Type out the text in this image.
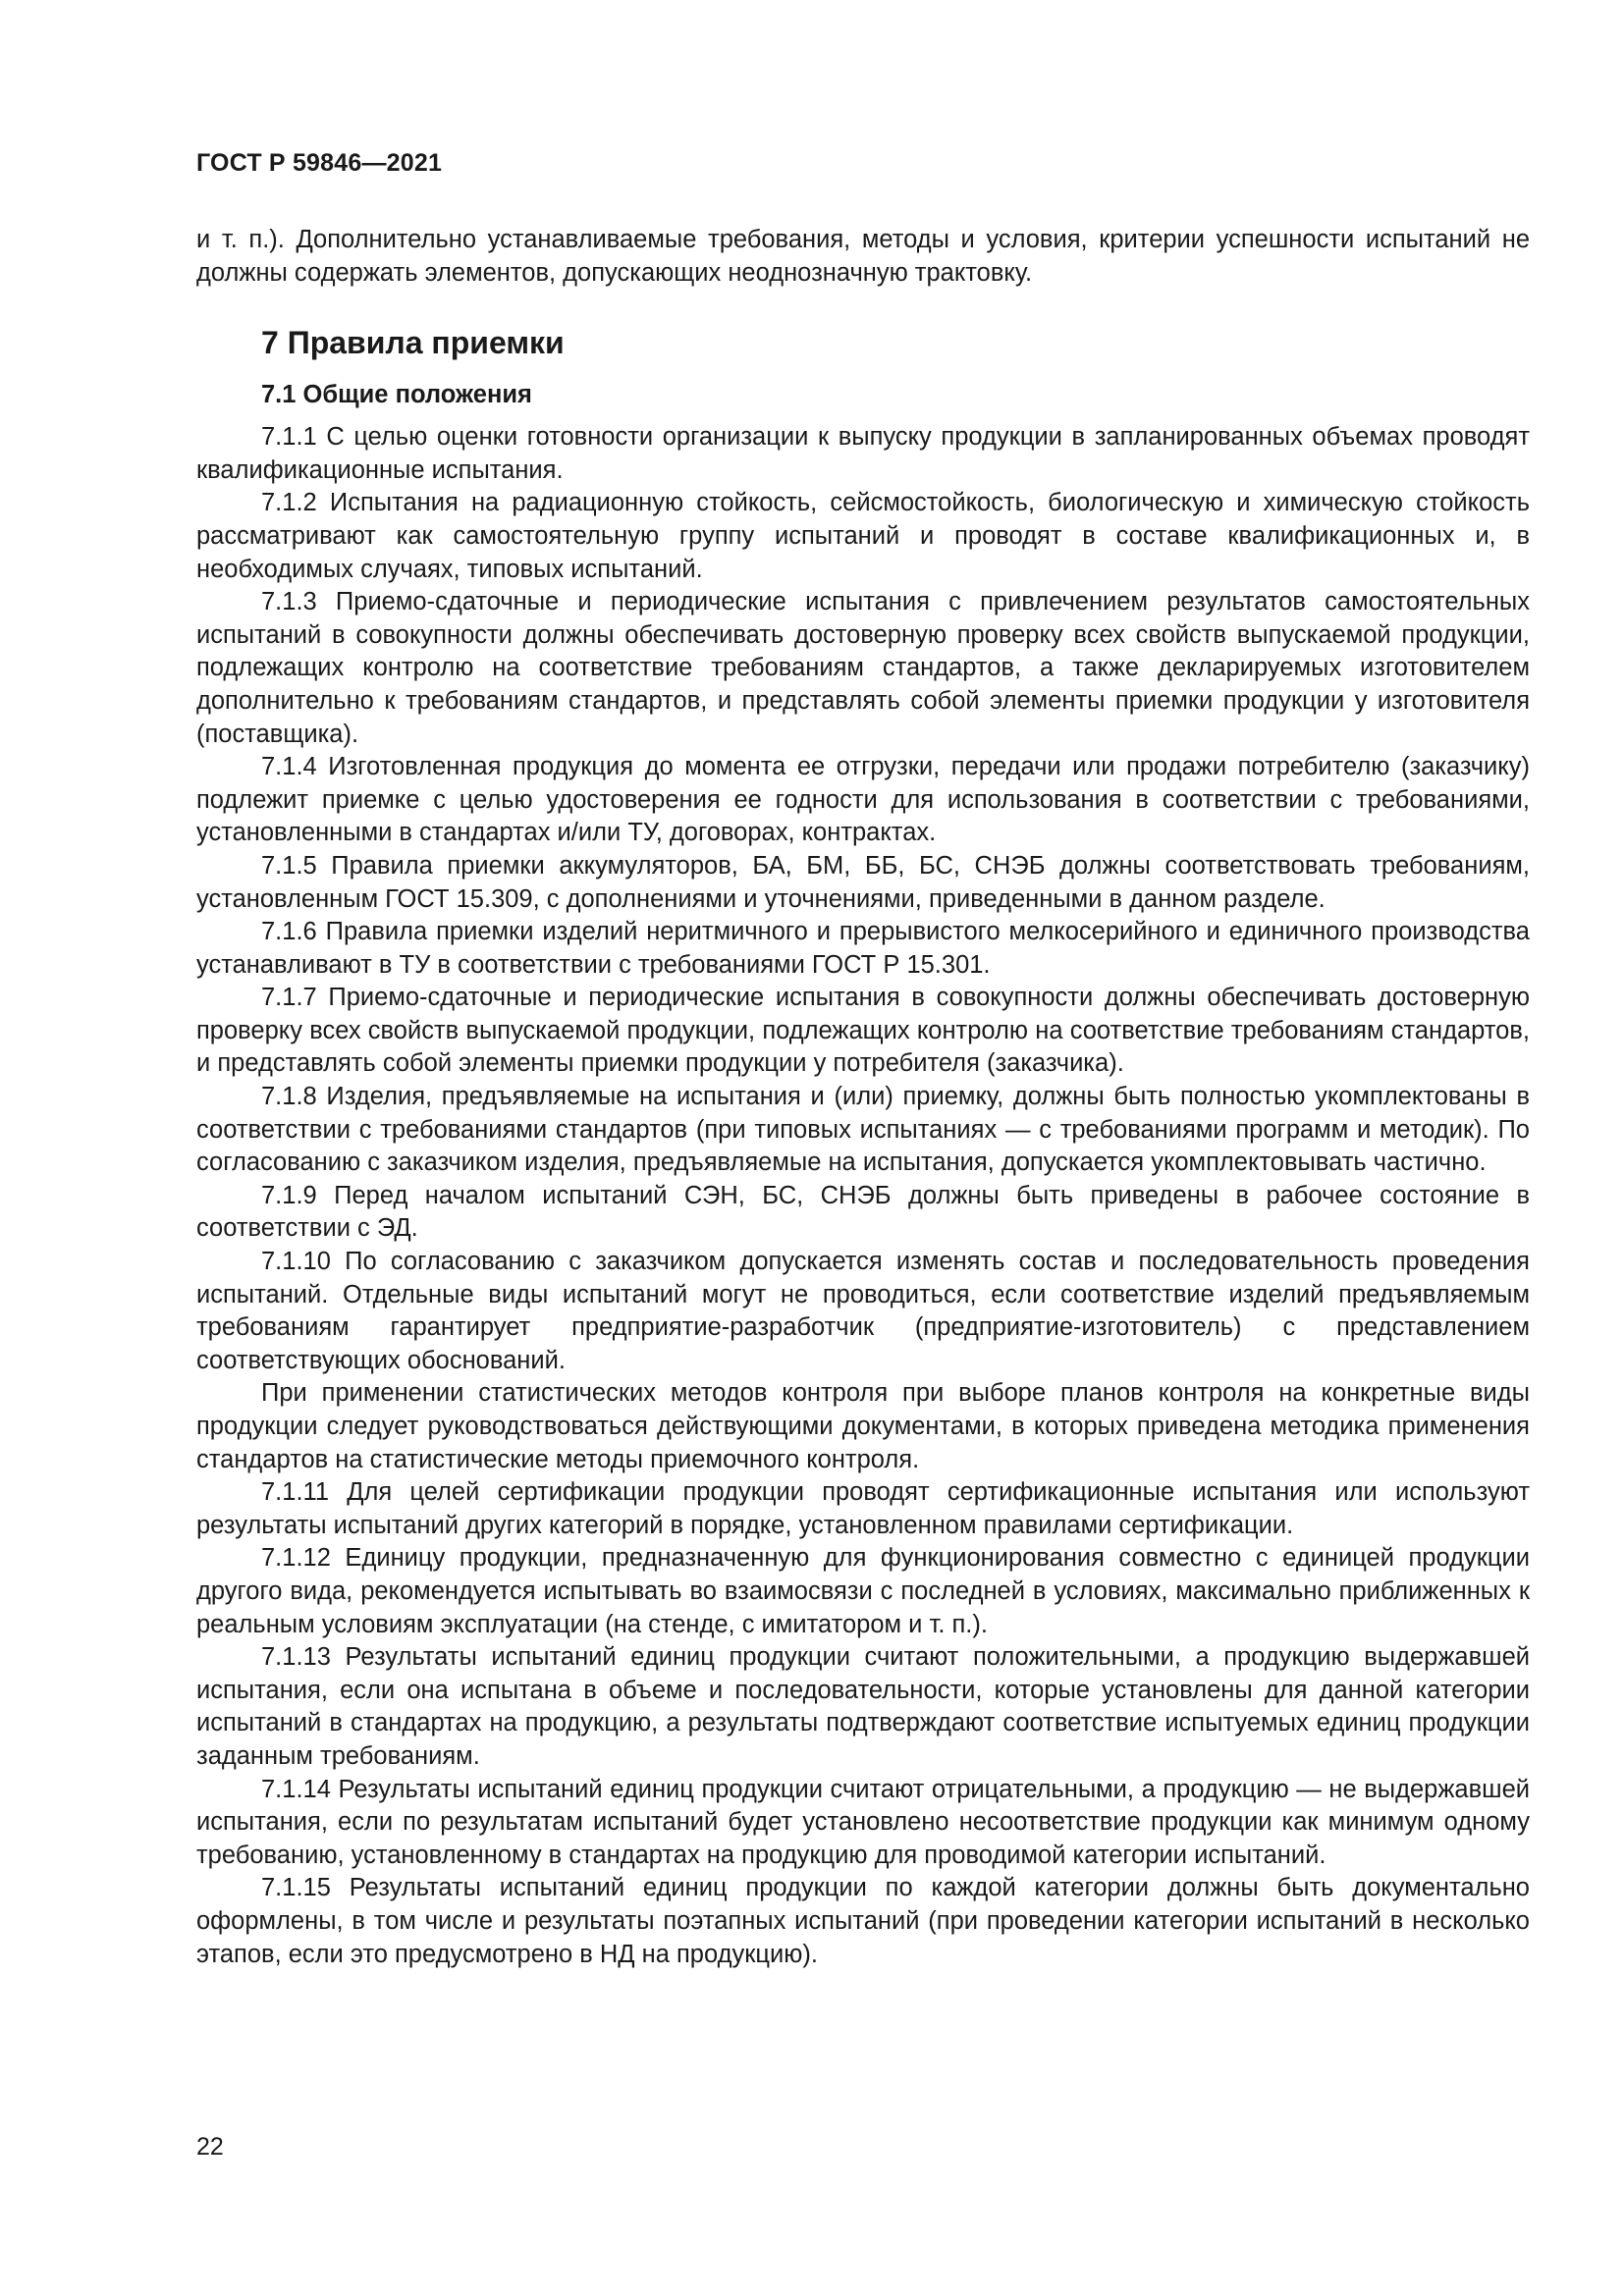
ГОСТ Р 59846—2021

и т. п.). Дополнительно устанавливаемые требования, методы и условия, критерии успешности испытаний не должны содержать элементов, допускающих неоднозначную трактовку.

7 Правила приемки
7.1 Общие положения

7.1.1 С целью оценки готовности организации к выпуску продукции в запланированных объемах проводят квалификационные испытания.

7.1.2 Испытания на радиационную стойкость, сейсмостойкость, биологическую и химическую стойкость рассматривают как самостоятельную группу испытаний и проводят в составе квалификационных и, в необходимых случаях, типовых испытаний.

7.1.3 Приемо-сдаточные и периодические испытания с привлечением результатов самостоятельных испытаний в совокупности должны обеспечивать достоверную проверку всех свойств выпускаемой продукции, подлежащих контролю на соответствие требованиям стандартов, а также декларируемых изготовителем дополнительно к требованиям стандартов, и представлять собой элементы приемки продукции у изготовителя (поставщика).

7.1.4 Изготовленная продукция до момента ее отгрузки, передачи или продажи потребителю (заказчику) подлежит приемке с целью удостоверения ее годности для использования в соответствии с требованиями, установленными в стандартах и/или ТУ, договорах, контрактах.

7.1.5 Правила приемки аккумуляторов, БА, БМ, ББ, БС, СНЭБ должны соответствовать требованиям, установленным ГОСТ 15.309, с дополнениями и уточнениями, приведенными в данном разделе.

7.1.6 Правила приемки изделий неритмичного и прерывистого мелкосерийного и единичного производства устанавливают в ТУ в соответствии с требованиями ГОСТ Р 15.301.

7.1.7 Приемо-сдаточные и периодические испытания в совокупности должны обеспечивать достоверную проверку всех свойств выпускаемой продукции, подлежащих контролю на соответствие требованиям стандартов, и представлять собой элементы приемки продукции у потребителя (заказчика).

7.1.8 Изделия, предъявляемые на испытания и (или) приемку, должны быть полностью укомплектованы в соответствии с требованиями стандартов (при типовых испытаниях — с требованиями программ и методик). По согласованию с заказчиком изделия, предъявляемые на испытания, допускается укомплектовывать частично.

7.1.9 Перед началом испытаний СЭН, БС, СНЭБ должны быть приведены в рабочее состояние в соответствии с ЭД.

7.1.10 По согласованию с заказчиком допускается изменять состав и последовательность проведения испытаний. Отдельные виды испытаний могут не проводиться, если соответствие изделий предъявляемым требованиям гарантирует предприятие-разработчик (предприятие-изготовитель) с представлением соответствующих обоснований.

При применении статистических методов контроля при выборе планов контроля на конкретные виды продукции следует руководствоваться действующими документами, в которых приведена методика применения стандартов на статистические методы приемочного контроля.

7.1.11 Для целей сертификации продукции проводят сертификационные испытания или используют результаты испытаний других категорий в порядке, установленном правилами сертификации.

7.1.12 Единицу продукции, предназначенную для функционирования совместно с единицей продукции другого вида, рекомендуется испытывать во взаимосвязи с последней в условиях, максимально приближенных к реальным условиям эксплуатации (на стенде, с имитатором и т. п.).

7.1.13 Результаты испытаний единиц продукции считают положительными, а продукцию выдержавшей испытания, если она испытана в объеме и последовательности, которые установлены для данной категории испытаний в стандартах на продукцию, а результаты подтверждают соответствие испытуемых единиц продукции заданным требованиям.

7.1.14 Результаты испытаний единиц продукции считают отрицательными, а продукцию — не выдержавшей испытания, если по результатам испытаний будет установлено несоответствие продукции как минимум одному требованию, установленному в стандартах на продукцию для проводимой категории испытаний.

7.1.15 Результаты испытаний единиц продукции по каждой категории должны быть документально оформлены, в том числе и результаты поэтапных испытаний (при проведении категории испытаний в несколько этапов, если это предусмотрено в НД на продукцию).

22
